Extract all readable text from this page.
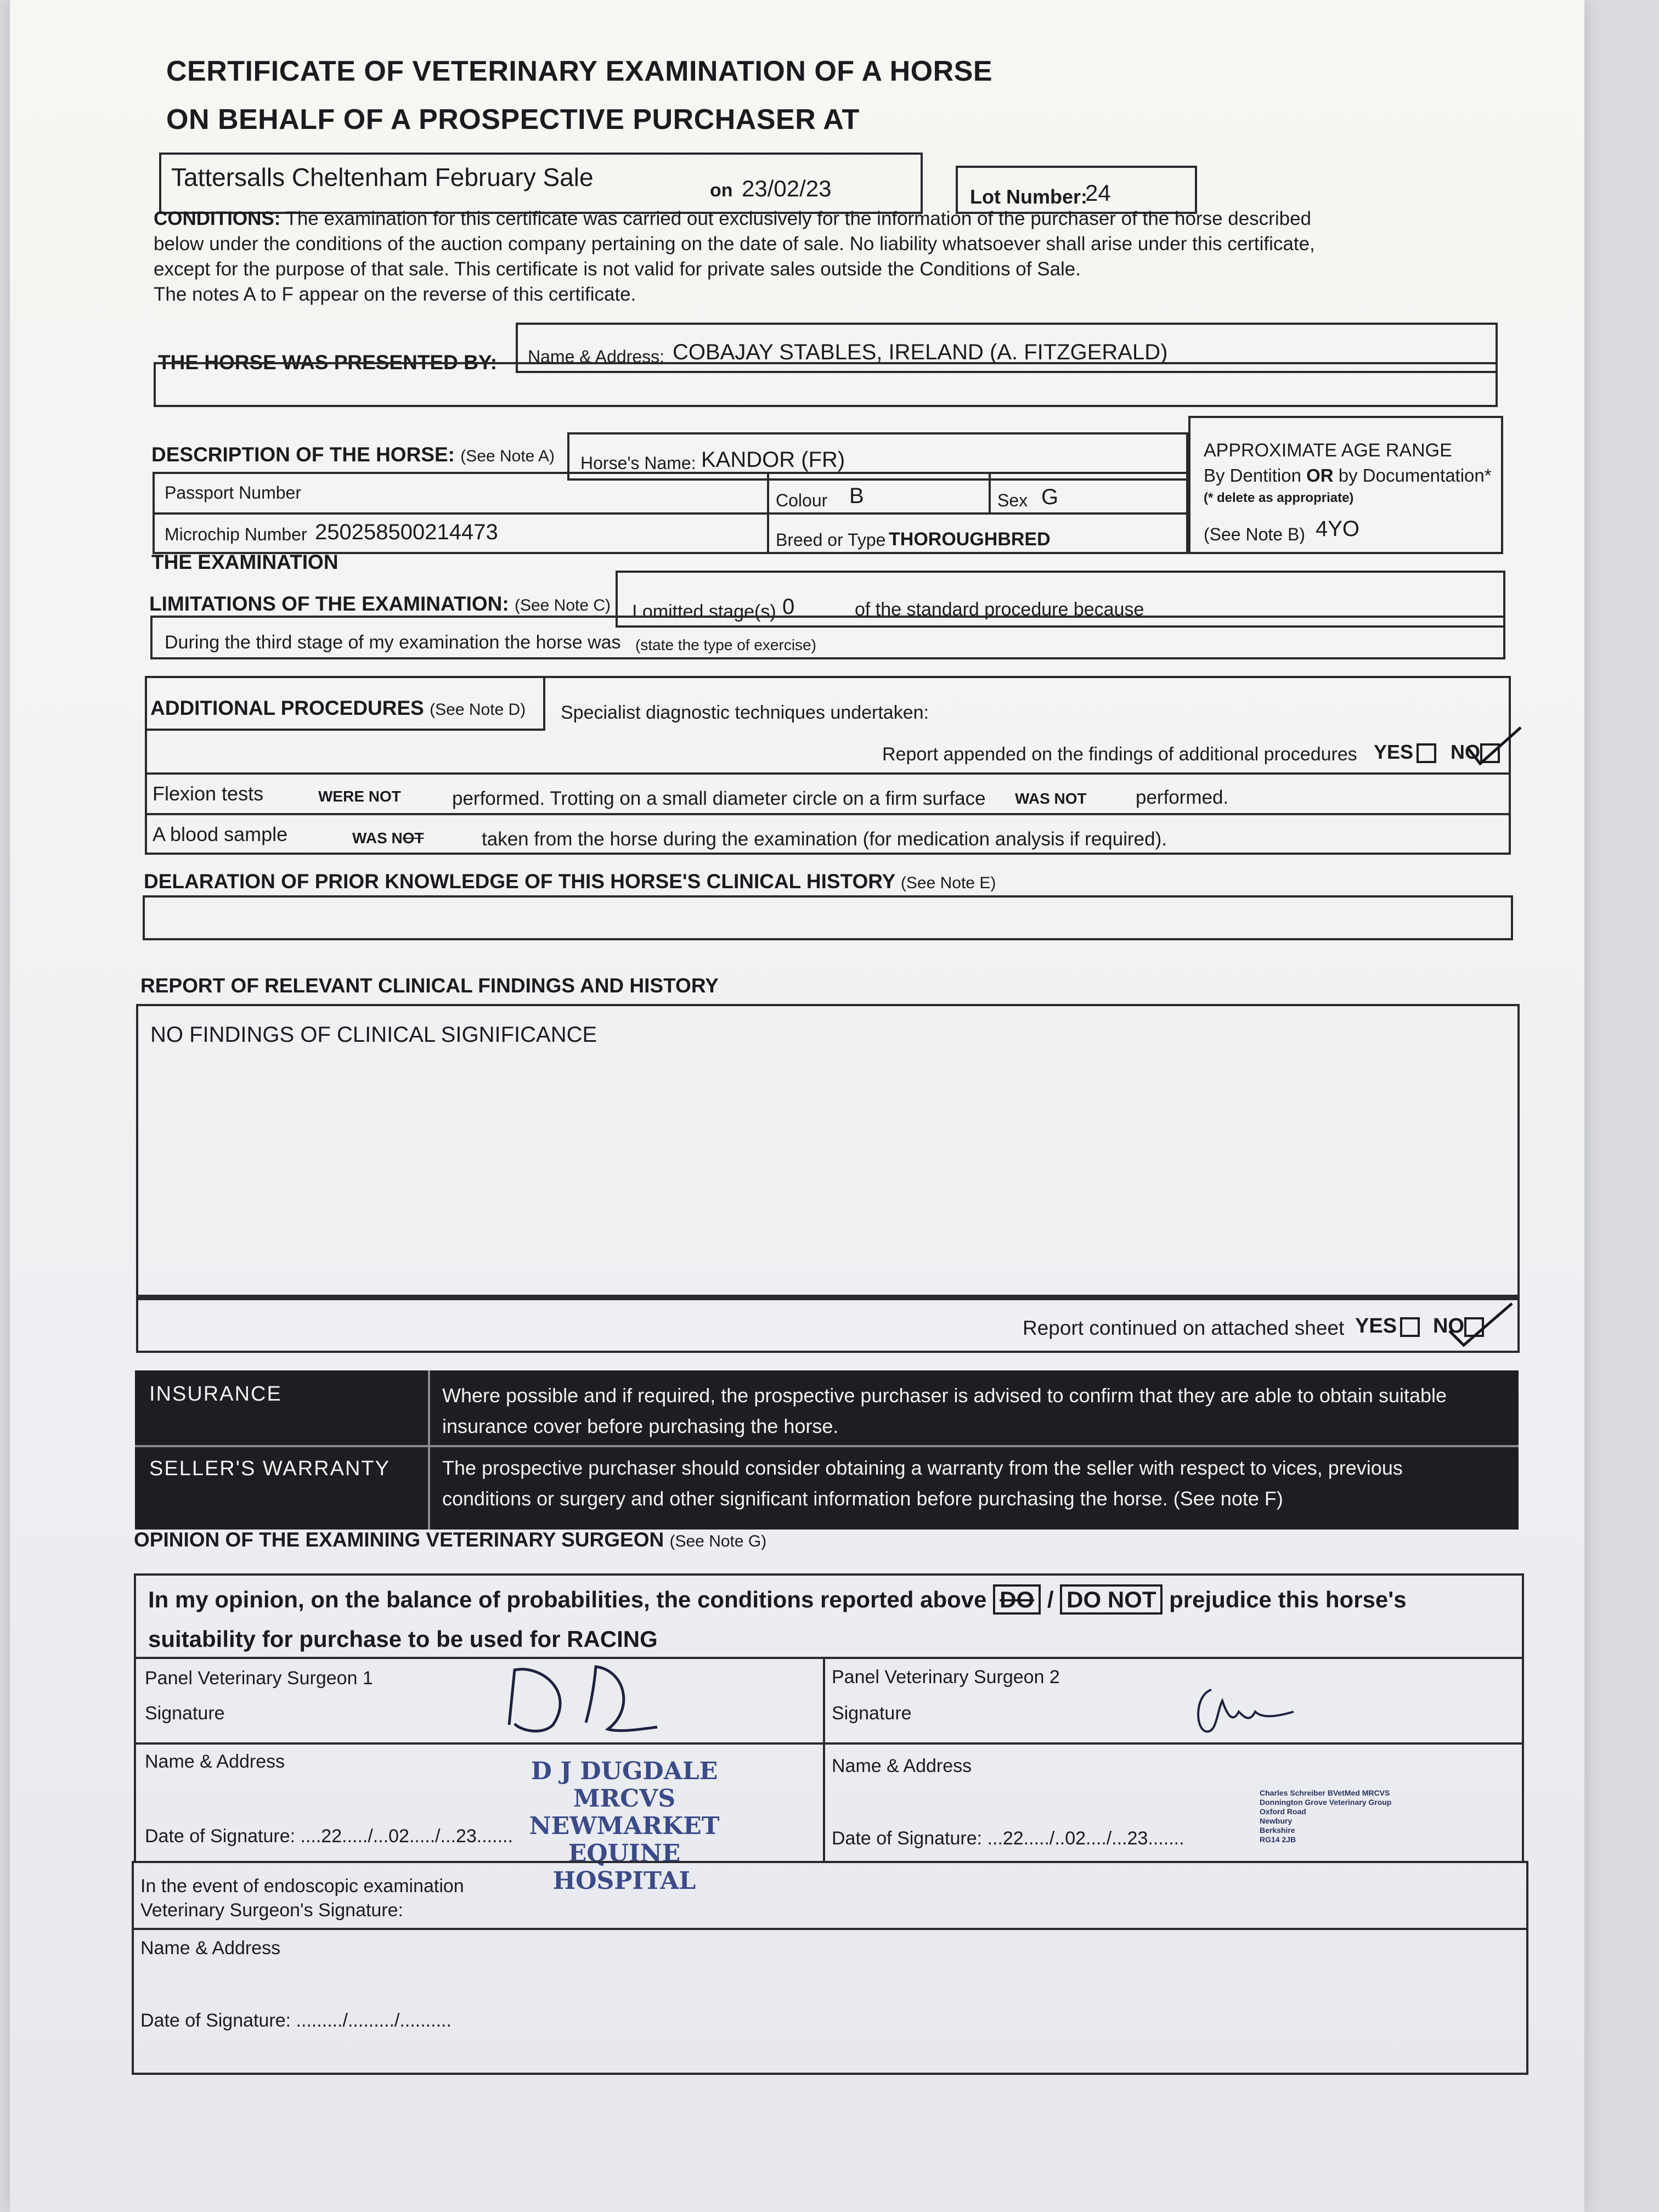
CERTIFICATE OF VETERINARY EXAMINATION OF A HORSE
ON BEHALF OF A PROSPECTIVE PURCHASER AT
Tattersalls Cheltenham February Sale	on 23/02/23	Lot Number:
24
CONDITIONS: The examination for this certificate was carried out exclusively for the information of the purchaser of the horse described
below under the conditions of the auction company pertaining on the date of sale. No liability whatsoever shall arise under this certificate,
except for the purpose of that sale. This certificate is not valid for private sales outside the Conditions of Sale.
The notes A to F appear on the reverse of this certificate.
THE HORSE WAS PRESENTED BY: Name & Address: COBAJAY STABLES, IRELAND (A. FITZGERALD)
DESCRIPTION OF THE HORSE: (See Note A) Horse's Name: KANDOR (FR)
Passport Number	Colour B	Sex G
Microchip Number 250258500214473	Breed or Type THOROUGHBRED
APPROXIMATE AGE RANGE
By Dentition OR by Documentation*
(* delete as appropriate)
(See Note B) 4YO
THE EXAMINATION
LIMITATIONS OF THE EXAMINATION: (See Note C) I omitted stage(s) 0	of the standard procedure because
During the third stage of my examination the horse was (state the type of exercise)
ADDITIONAL PROCEDURES (See Note D) Specialist diagnostic techniques undertaken:
Report appended on the findings of additional procedures YES	NO
Flexion tests	WERE NOT	performed. Trotting on a small diameter circle on a firm surface WAS NOT	performed.
A blood sample	WAS NOT	taken from the horse during the examination (for medication analysis if required).
DELARATION OF PRIOR KNOWLEDGE OF THIS HORSE'S CLINICAL HISTORY (See Note E)
REPORT OF RELEVANT CLINICAL FINDINGS AND HISTORY
NO FINDINGS OF CLINICAL SIGNIFICANCE
Report continued on attached sheet YES	NO
INSURANCE	Where possible and if required, the prospective purchaser is advised to confirm that they are able to obtain suitable
insurance cover before purchasing the horse.
SELLER'S WARRANTY	The prospective purchaser should consider obtaining a warranty from the seller with respect to vices, previous
conditions or surgery and other significant information before purchasing the horse. (See note F)
OPINION OF THE EXAMINING VETERINARY SURGEON (See Note G)
In my opinion, on the balance of probabilities, the conditions reported above DO / DO NOT prejudice this horse's
suitability for purchase to be used for RACING
Panel Veterinary Surgeon 1
Signature
Name & Address	D J DUGDALE MRCVS
NEWMARKET
EQUINE HOSPITAL
Date of Signature: ....22...../...02...../...23.......
Panel Veterinary Surgeon 2
Signature
Name & Address
Charles Schreiber BVetMed MRCVS
Donnington Grove Veterinary Group
Oxford Road
Newbury
Berkshire
RG14 2JB
Date of Signature: ...22...../..02..../...23.......
In the event of endoscopic examination
Veterinary Surgeon's Signature:
Name & Address
Date of Signature: ........./........./..........
